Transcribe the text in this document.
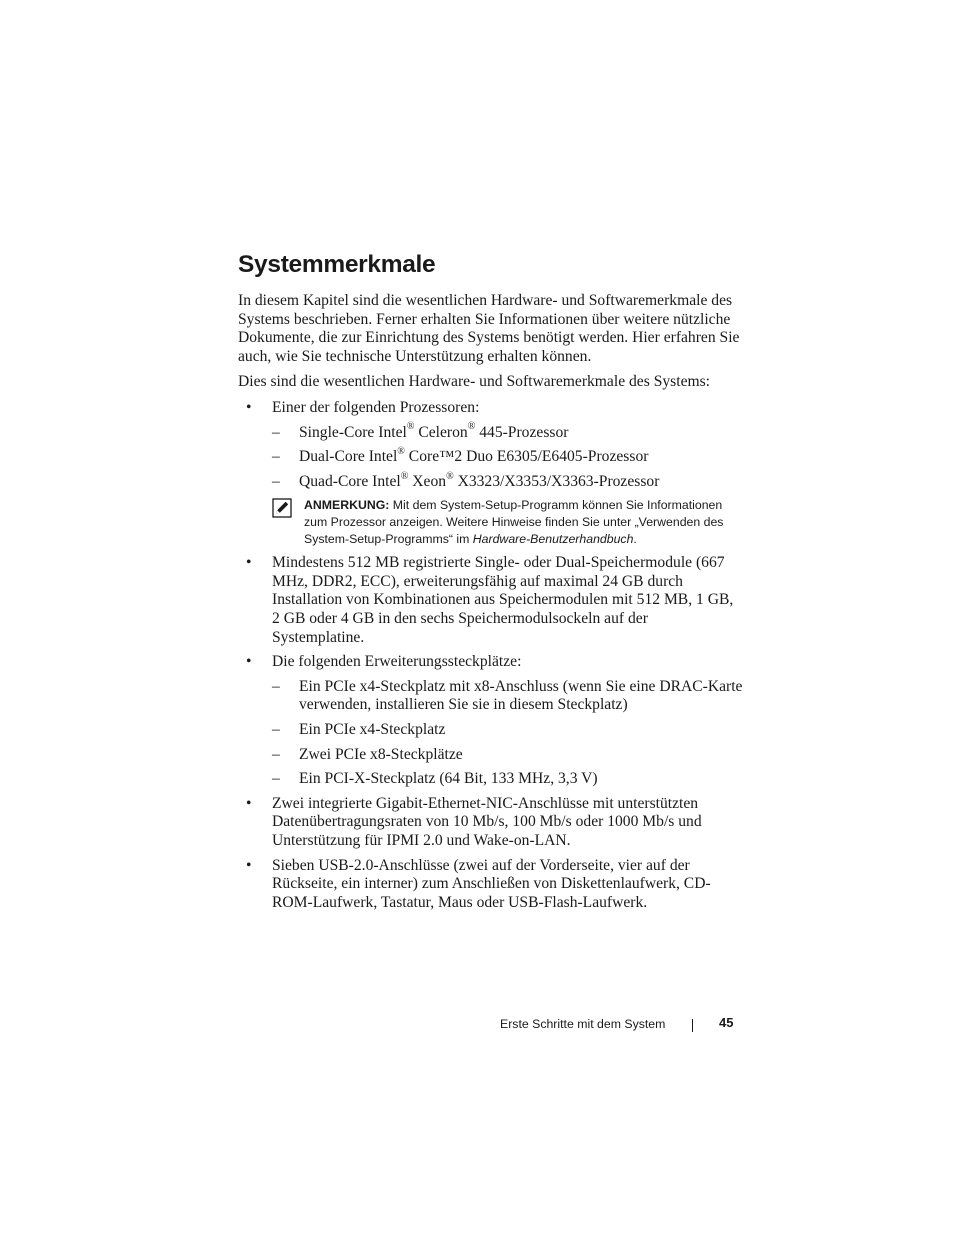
Systemmerkmale

In diesem Kapitel sind die wesentlichen Hardware- und Softwaremerkmale des Systems beschrieben. Ferner erhalten Sie Informationen über weitere nützliche Dokumente, die zur Einrichtung des Systems benötigt werden. Hier erfahren Sie auch, wie Sie technische Unterstützung erhalten können.

Dies sind die wesentlichen Hardware- und Softwaremerkmale des Systems:

• Einer der folgenden Prozessoren:
– Single-Core Intel® Celeron® 445-Prozessor
– Dual-Core Intel® Core™2 Duo E6305/E6405-Prozessor
– Quad-Core Intel® Xeon® X3323/X3353/X3363-Prozessor
ANMERKUNG: Mit dem System-Setup-Programm können Sie Informationen zum Prozessor anzeigen. Weitere Hinweise finden Sie unter „Verwenden des System-Setup-Programms“ im Hardware-Benutzerhandbuch.
• Mindestens 512 MB registrierte Single- oder Dual-Speichermodule (667 MHz, DDR2, ECC), erweiterungsfähig auf maximal 24 GB durch Installation von Kombinationen aus Speichermodulen mit 512 MB, 1 GB, 2 GB oder 4 GB in den sechs Speichermodulsockeln auf der Systemplatine.
• Die folgenden Erweiterungssteckplätze:
– Ein PCIe x4-Steckplatz mit x8-Anschluss (wenn Sie eine DRAC-Karte verwenden, installieren Sie sie in diesem Steckplatz)
– Ein PCIe x4-Steckplatz
– Zwei PCIe x8-Steckplätze
– Ein PCI-X-Steckplatz (64 Bit, 133 MHz, 3,3 V)
• Zwei integrierte Gigabit-Ethernet-NIC-Anschlüsse mit unterstützten Datenübertragungsraten von 10 Mb/s, 100 Mb/s oder 1000 Mb/s und Unterstützung für IPMI 2.0 und Wake-on-LAN.
• Sieben USB-2.0-Anschlüsse (zwei auf der Vorderseite, vier auf der Rückseite, ein interner) zum Anschließen von Diskettenlaufwerk, CD-ROM-Laufwerk, Tastatur, Maus oder USB-Flash-Laufwerk.
Erste Schritte mit dem System	45
